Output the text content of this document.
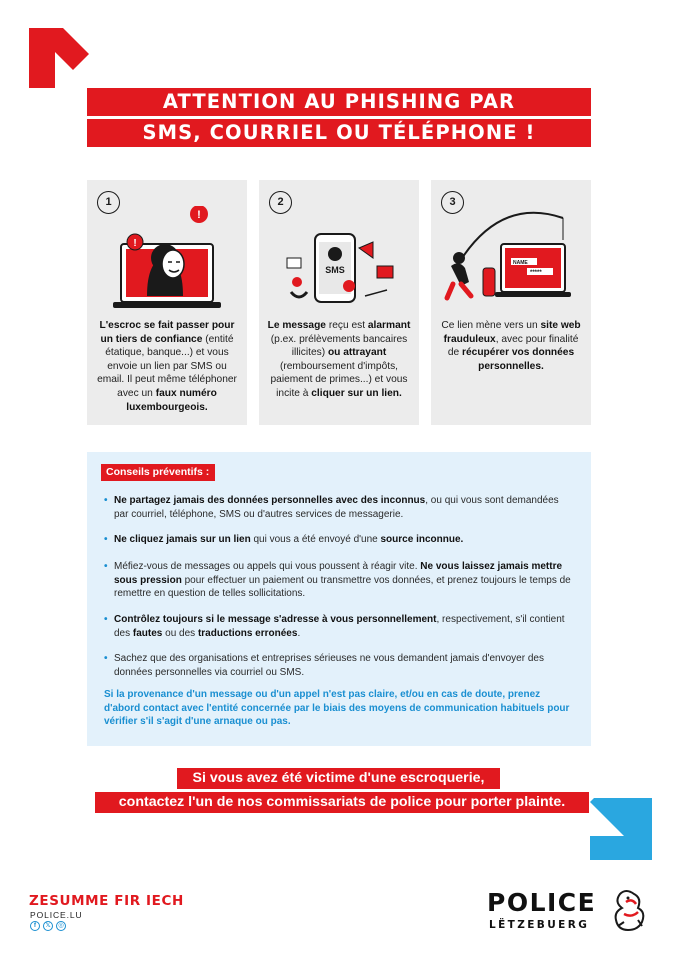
ATTENTION AU PHISHING PAR
SMS, COURRIEL OU TÉLÉPHONE !
1
!
!
L'escroc se fait passer pour un tiers de confiance (entité étatique, banque...) et vous envoie un lien par SMS ou email. Il peut même téléphoner avec un faux numéro luxembourgeois.
2
SMS
Le message reçu est alarmant (p.ex. prélèvements bancaires illicites) ou attrayant (remboursement d'impôts, paiement de primes...) et vous incite à cliquer sur un lien.
3
NAME
*****
Ce lien mène vers un site web frauduleux, avec pour finalité de récupérer vos données personnelles.
Conseils préventifs :
• Ne partagez jamais des données personnelles avec des inconnus, ou qui vous sont demandées par courriel, téléphone, SMS ou d'autres services de messagerie.
• Ne cliquez jamais sur un lien qui vous a été envoyé d'une source inconnue.
• Méfiez-vous de messages ou appels qui vous poussent à réagir vite. Ne vous laissez jamais mettre sous pression pour effectuer un paiement ou transmettre vos données, et prenez toujours le temps de remettre en question de telles sollicitations.
• Contrôlez toujours si le message s'adresse à vous personnellement, respectivement, s'il contient des fautes ou des traductions erronées.
• Sachez que des organisations et entreprises sérieuses ne vous demandent jamais d'envoyer des données personnelles via courriel ou SMS.
Si la provenance d'un message ou d'un appel n'est pas claire, et/ou en cas de doute, prenez d'abord contact avec l'entité concernée par le biais des moyens de communication habituels pour vérifier s'il s'agit d'une arnaque ou pas.
Si vous avez été victime d'une escroquerie,
contactez l'un de nos commissariats de police pour porter plainte.
ZESUMME FIR IECH
POLICE.LU
f	𝕏	◎
POLICE
LËTZEBUERG
